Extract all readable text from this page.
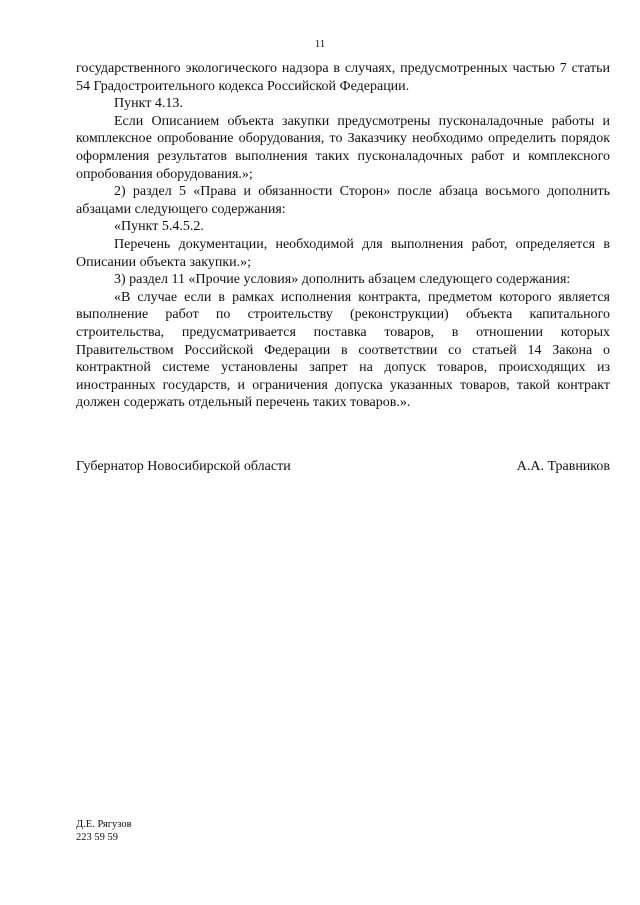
11

государственного экологического надзора в случаях, предусмотренных частью 7 статьи 54 Градостроительного кодекса Российской Федерации.

Пункт 4.13.

Если Описанием объекта закупки предусмотрены пусконаладочные работы и комплексное опробование оборудования, то Заказчику необходимо определить порядок оформления результатов выполнения таких пусконаладочных работ и комплексного опробования оборудования.»;

2) раздел 5 «Права и обязанности Сторон» после абзаца восьмого дополнить абзацами следующего содержания:

«Пункт 5.4.5.2.

Перечень документации, необходимой для выполнения работ, определяется в Описании объекта закупки.»;

3) раздел 11 «Прочие условия» дополнить абзацем следующего содержания:

«В случае если в рамках исполнения контракта, предметом которого является выполнение работ по строительству (реконструкции) объекта капитального строительства, предусматривается поставка товаров, в отношении которых Правительством Российской Федерации в соответствии со статьей 14 Закона о контрактной системе установлены запрет на допуск товаров, происходящих из иностранных государств, и ограничения допуска указанных товаров, такой контракт должен содержать отдельный перечень таких товаров.».

Губернатор Новосибирской области	А.А. Травников
Д.Е. Рягузов
223 59 59
